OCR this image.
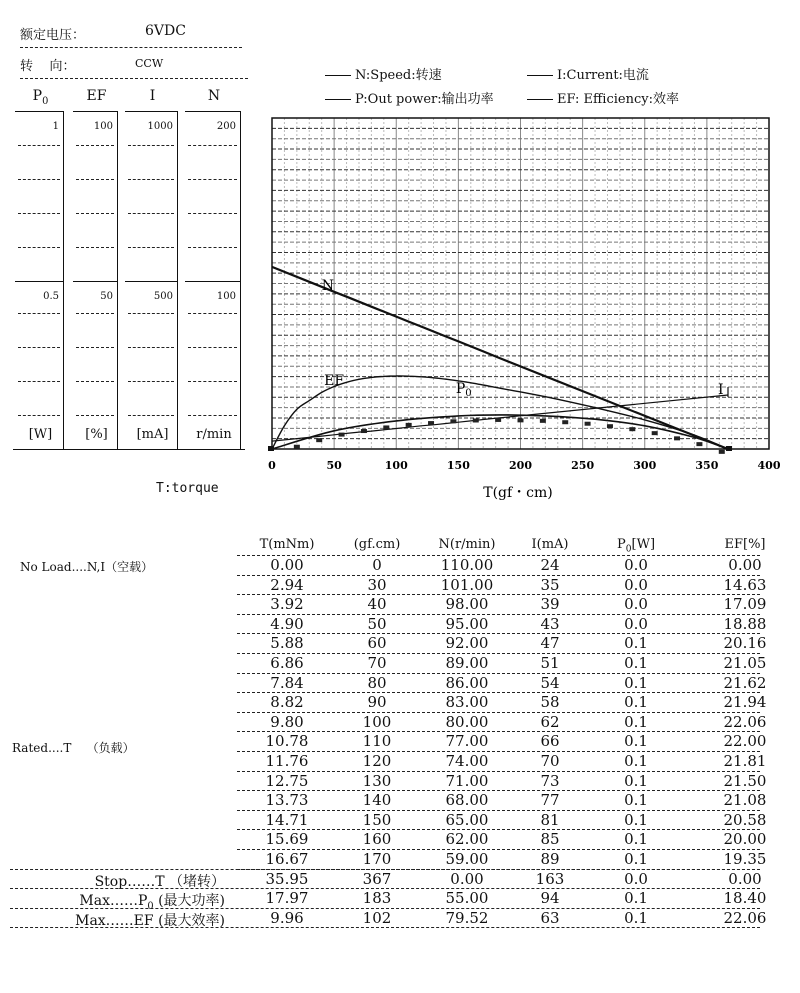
额定电压：	6VDC
转    向：	CCW
$P_0$
1
0.5
[W]
EF
100
50
[%]
I
1000
500
[mA]
N
200
100
r/min
T:torque
N:Speed:转速	I:Current:电流
P:Out power:输出功率	EF: Efficiency:效率
0	50	100	150	200	250	300	350	400
N
EF	$P_0$	I
T(gf・cm)
T(mNm)	(gf.cm)	N(r/min)	I(mA)	$P_0[W]$	EF[%]
0.00	0	110.00	24	0.0	0.00
2.94	30	101.00	35	0.0	14.63
3.92	40	98.00	39	0.0	17.09
4.90	50	95.00	43	0.0	18.88
5.88	60	92.00	47	0.1	20.16
6.86	70	89.00	51	0.1	21.05
7.84	80	86.00	54	0.1	21.62
8.82	90	83.00	58	0.1	21.94
9.80	100	80.00	62	0.1	22.06
10.78	110	77.00	66	0.1	22.00
11.76	120	74.00	70	0.1	21.81
12.75	130	71.00	73	0.1	21.50
13.73	140	68.00	77	0.1	21.08
14.71	150	65.00	81	0.1	20.58
15.69	160	62.00	85	0.1	20.00
16.67	170	59.00	89	0.1	19.35
Stop……T （堵转）	35.95	367	0.00	163	0.0	0.00
$Max\dots\dots P_0$ (最大功率)	17.97	183	55.00	94	0.1	18.40
Max……EF (最大效率)	9.96	102	79.52	63	0.1	22.06
No Load....N,I（空载）
Rated....T    （负载）
